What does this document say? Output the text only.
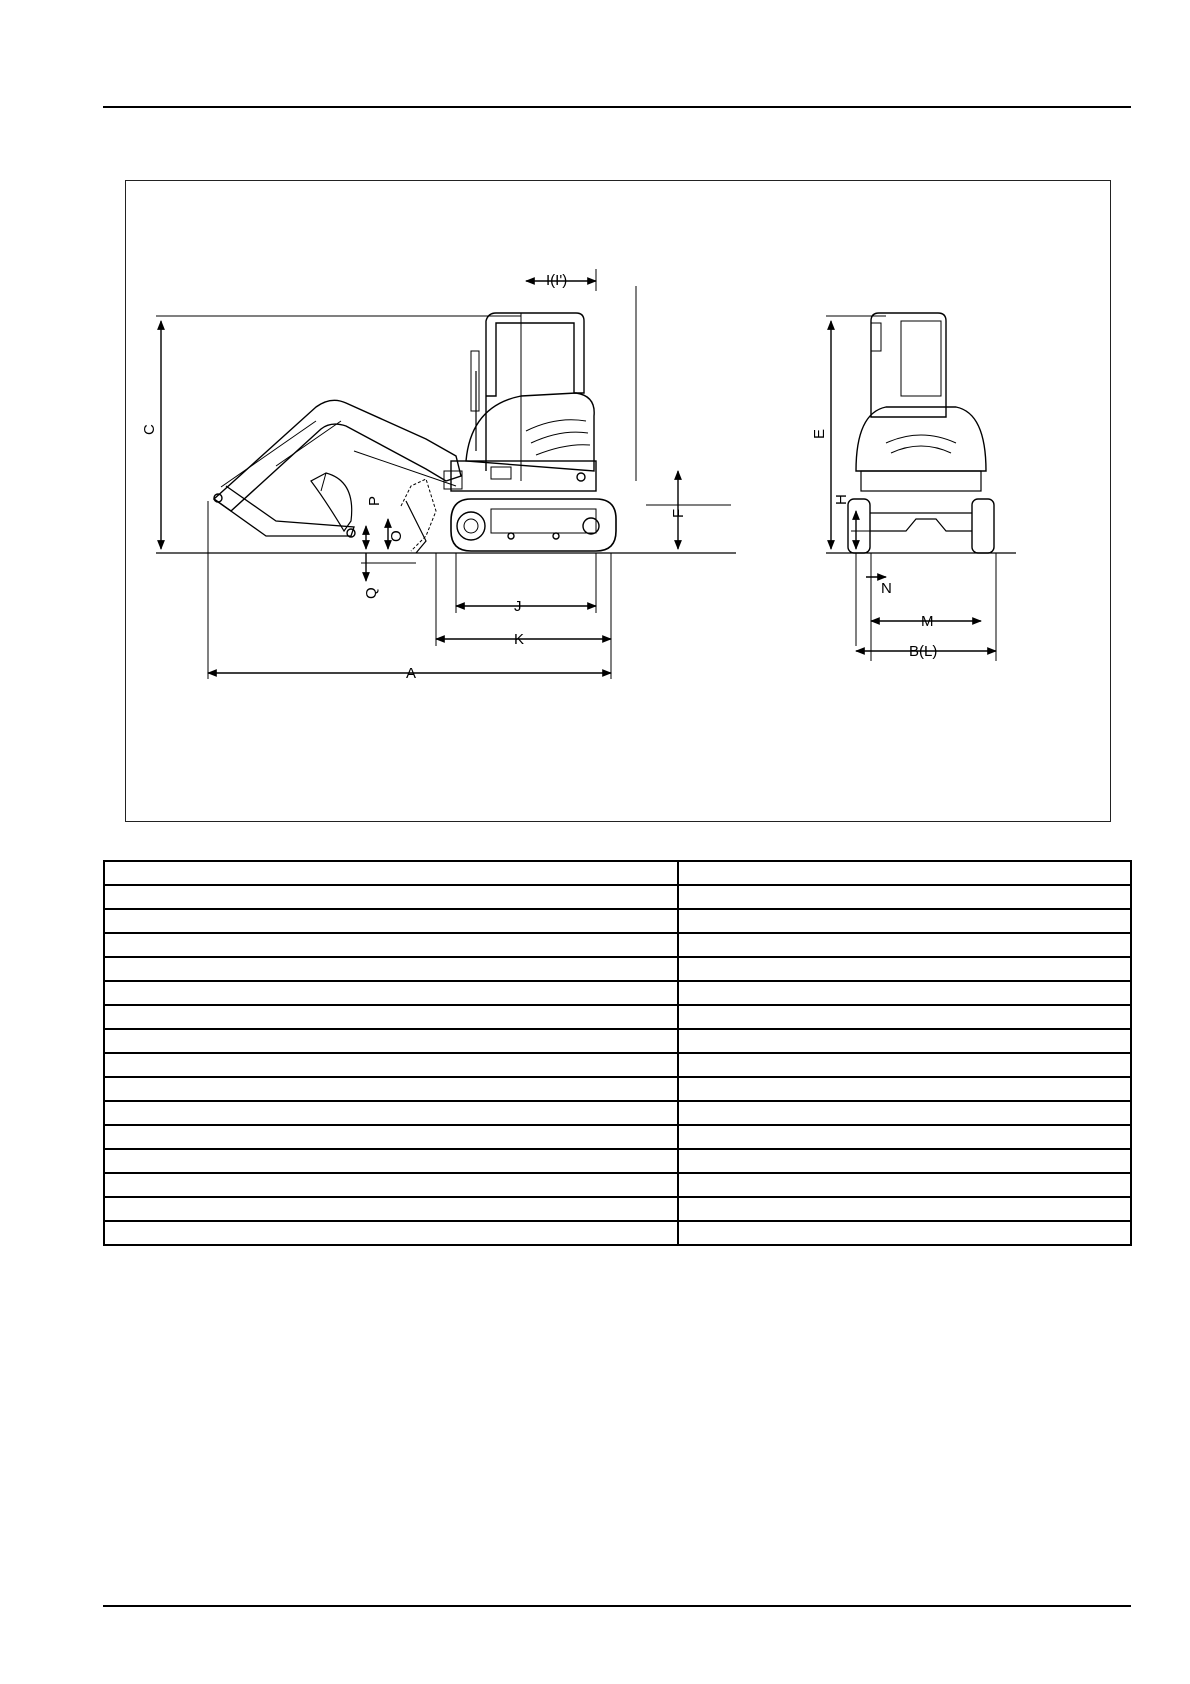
C
I(I')
F
J
K
A
P
O
Q
E
H
N
M
B(L)
